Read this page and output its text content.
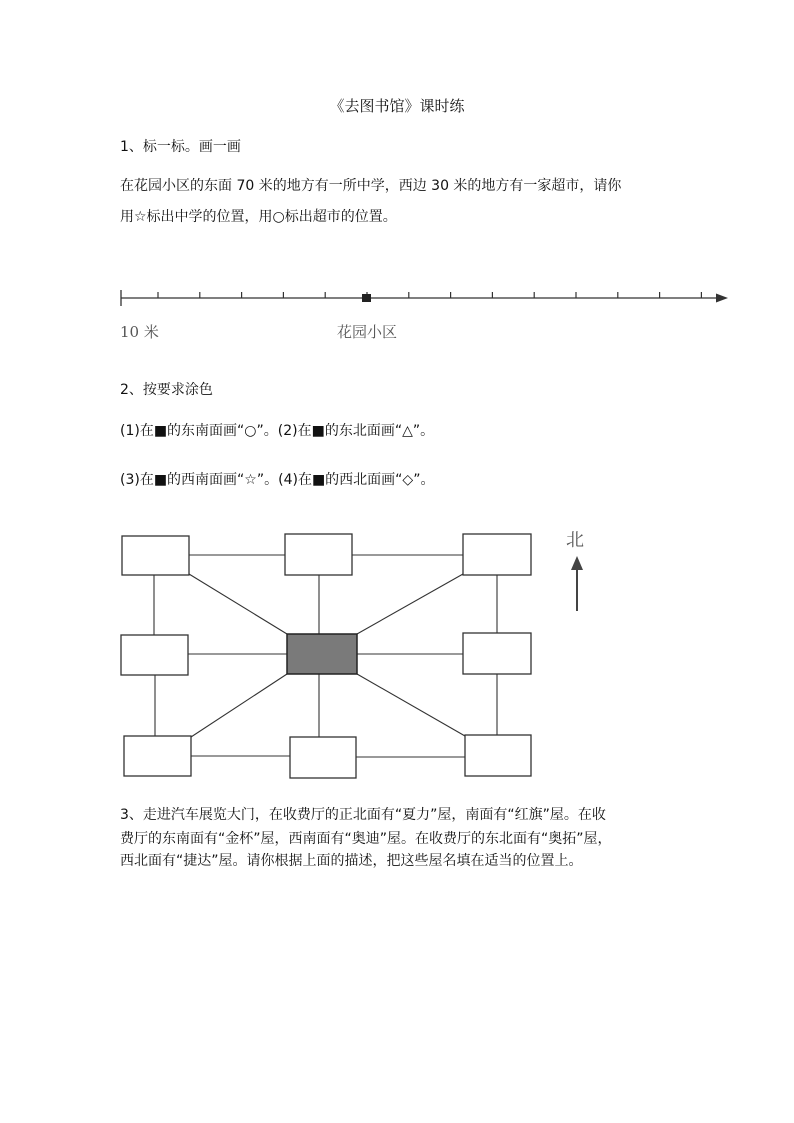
《去图书馆》课时练
1、标一标。画一画
在花园小区的东面 70 米的地方有一所中学，西边 30 米的地方有一家超市，请你
用☆标出中学的位置，用○标出超市的位置。
10 米	花园小区
2、按要求涂色
(1)在■的东南面画“○”。(2)在■的东北面画“△”。
(3)在■的西南面画“☆”。(4)在■的西北面画“◇”。
北
3、走进汽车展览大门，在收费厅的正北面有“夏力”屋，南面有“红旗”屋。在收
费厅的东南面有“金杯”屋，西南面有“奥迪”屋。在收费厅的东北面有“奥拓”屋，
西北面有“捷达”屋。请你根据上面的描述，把这些屋名填在适当的位置上。
